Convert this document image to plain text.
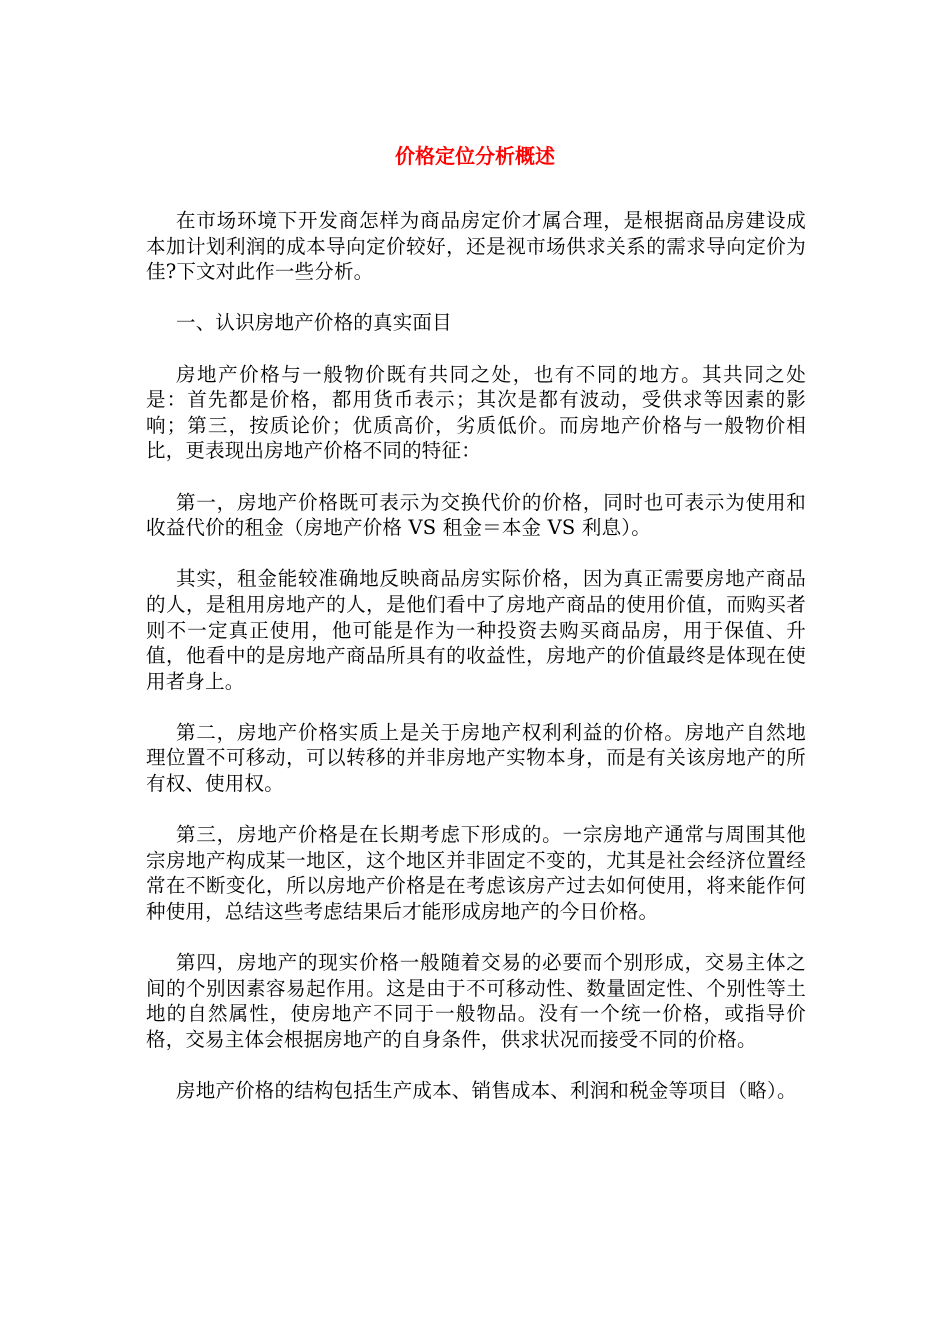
价格定位分析概述

在市场环境下开发商怎样为商品房定价才属合理，是根据商品房建设成本加计划利润的成本导向定价较好，还是视市场供求关系的需求导向定价为佳?下文对此作一些分析。

一、认识房地产价格的真实面目

房地产价格与一般物价既有共同之处，也有不同的地方。其共同之处是：首先都是价格，都用货币表示；其次是都有波动，受供求等因素的影响；第三，按质论价；优质高价，劣质低价。而房地产价格与一般物价相比，更表现出房地产价格不同的特征：

第一，房地产价格既可表示为交换代价的价格，同时也可表示为使用和收益代价的租金（房地产价格 VS 租金＝本金 VS 利息）。

其实，租金能较准确地反映商品房实际价格，因为真正需要房地产商品的人，是租用房地产的人，是他们看中了房地产商品的使用价值，而购买者则不一定真正使用，他可能是作为一种投资去购买商品房，用于保值、升值，他看中的是房地产商品所具有的收益性，房地产的价值最终是体现在使用者身上。

第二，房地产价格实质上是关于房地产权利利益的价格。房地产自然地理位置不可移动，可以转移的并非房地产实物本身，而是有关该房地产的所有权、使用权。

第三，房地产价格是在长期考虑下形成的。一宗房地产通常与周围其他宗房地产构成某一地区，这个地区并非固定不变的，尤其是社会经济位置经常在不断变化，所以房地产价格是在考虑该房产过去如何使用，将来能作何种使用，总结这些考虑结果后才能形成房地产的今日价格。

第四，房地产的现实价格一般随着交易的必要而个别形成，交易主体之间的个别因素容易起作用。这是由于不可移动性、数量固定性、个别性等土地的自然属性，使房地产不同于一般物品。没有一个统一价格，或指导价格，交易主体会根据房地产的自身条件，供求状况而接受不同的价格。

房地产价格的结构包括生产成本、销售成本、利润和税金等项目（略）。
